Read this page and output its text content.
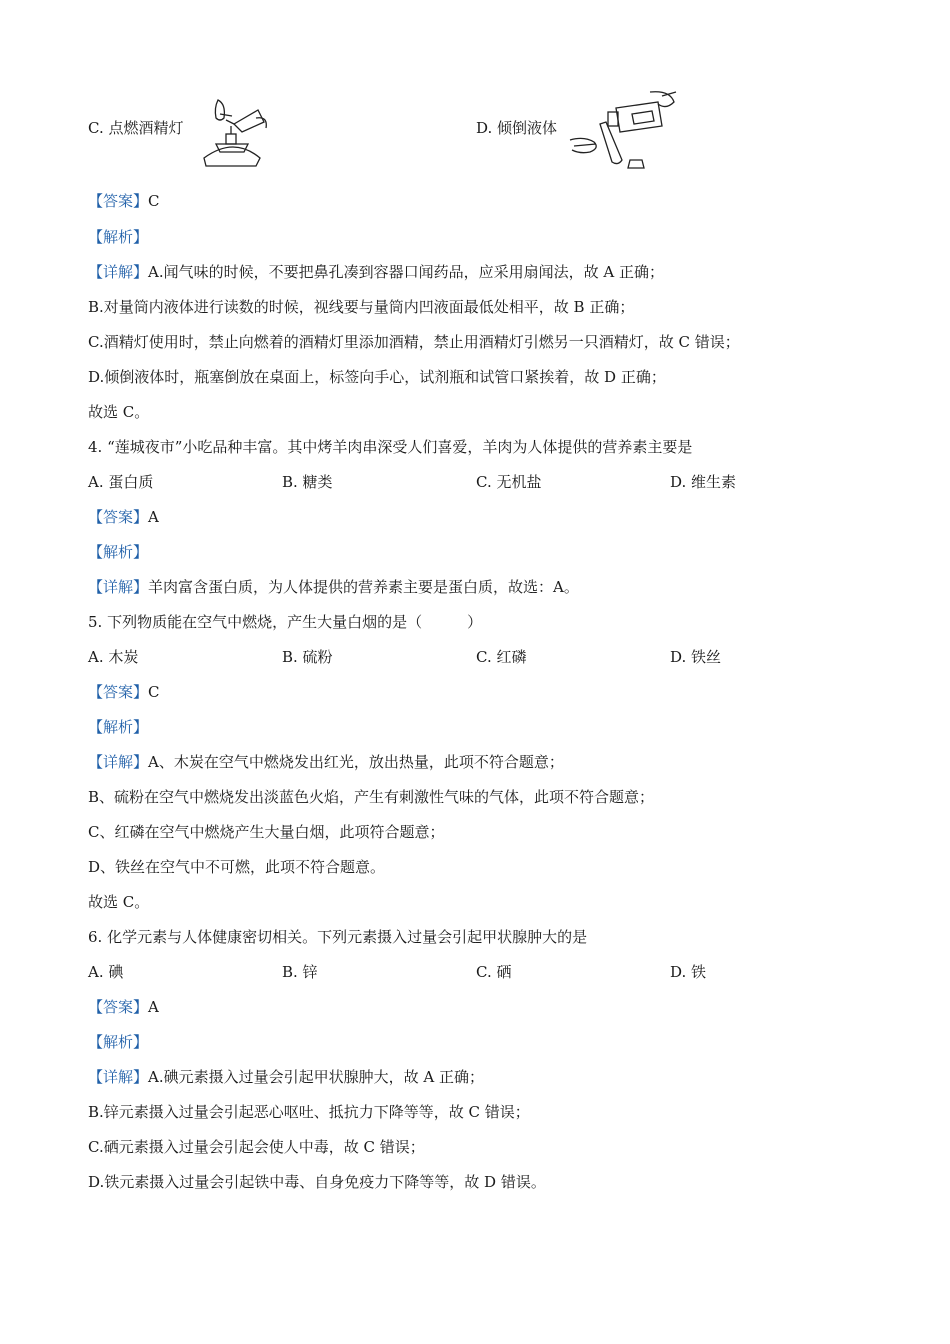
C. 点燃酒精灯	D. 倾倒液体
【答案】C
【解析】
【详解】A.闻气味的时候，不要把鼻孔凑到容器口闻药品，应采用扇闻法，故 A 正确；
B.对量筒内液体进行读数的时候，视线要与量筒内凹液面最低处相平，故 B 正确；
C.酒精灯使用时，禁止向燃着的酒精灯里添加酒精，禁止用酒精灯引燃另一只酒精灯，故 C 错误；
D.倾倒液体时，瓶塞倒放在桌面上，标签向手心，试剂瓶和试管口紧挨着，故 D 正确；
故选 C。
4. “莲城夜市”小吃品种丰富。其中烤羊肉串深受人们喜爱，羊肉为人体提供的营养素主要是
A. 蛋白质	B. 糖类	C. 无机盐	D. 维生素
【答案】A
【解析】
【详解】羊肉富含蛋白质，为人体提供的营养素主要是蛋白质，故选：A。
5. 下列物质能在空气中燃烧，产生大量白烟的是（　　　）
A. 木炭	B. 硫粉	C. 红磷	D. 铁丝
【答案】C
【解析】
【详解】A、木炭在空气中燃烧发出红光，放出热量，此项不符合题意；
B、硫粉在空气中燃烧发出淡蓝色火焰，产生有刺激性气味的气体，此项不符合题意；
C、红磷在空气中燃烧产生大量白烟，此项符合题意；
D、铁丝在空气中不可燃，此项不符合题意。
故选 C。
6. 化学元素与人体健康密切相关。下列元素摄入过量会引起甲状腺肿大的是
A. 碘	B. 锌	C. 硒	D. 铁
【答案】A
【解析】
【详解】A.碘元素摄入过量会引起甲状腺肿大，故 A 正确；
B.锌元素摄入过量会引起恶心呕吐、抵抗力下降等等，故 C 错误；
C.硒元素摄入过量会引起会使人中毒，故 C 错误；
D.铁元素摄入过量会引起铁中毒、自身免疫力下降等等，故 D 错误。
